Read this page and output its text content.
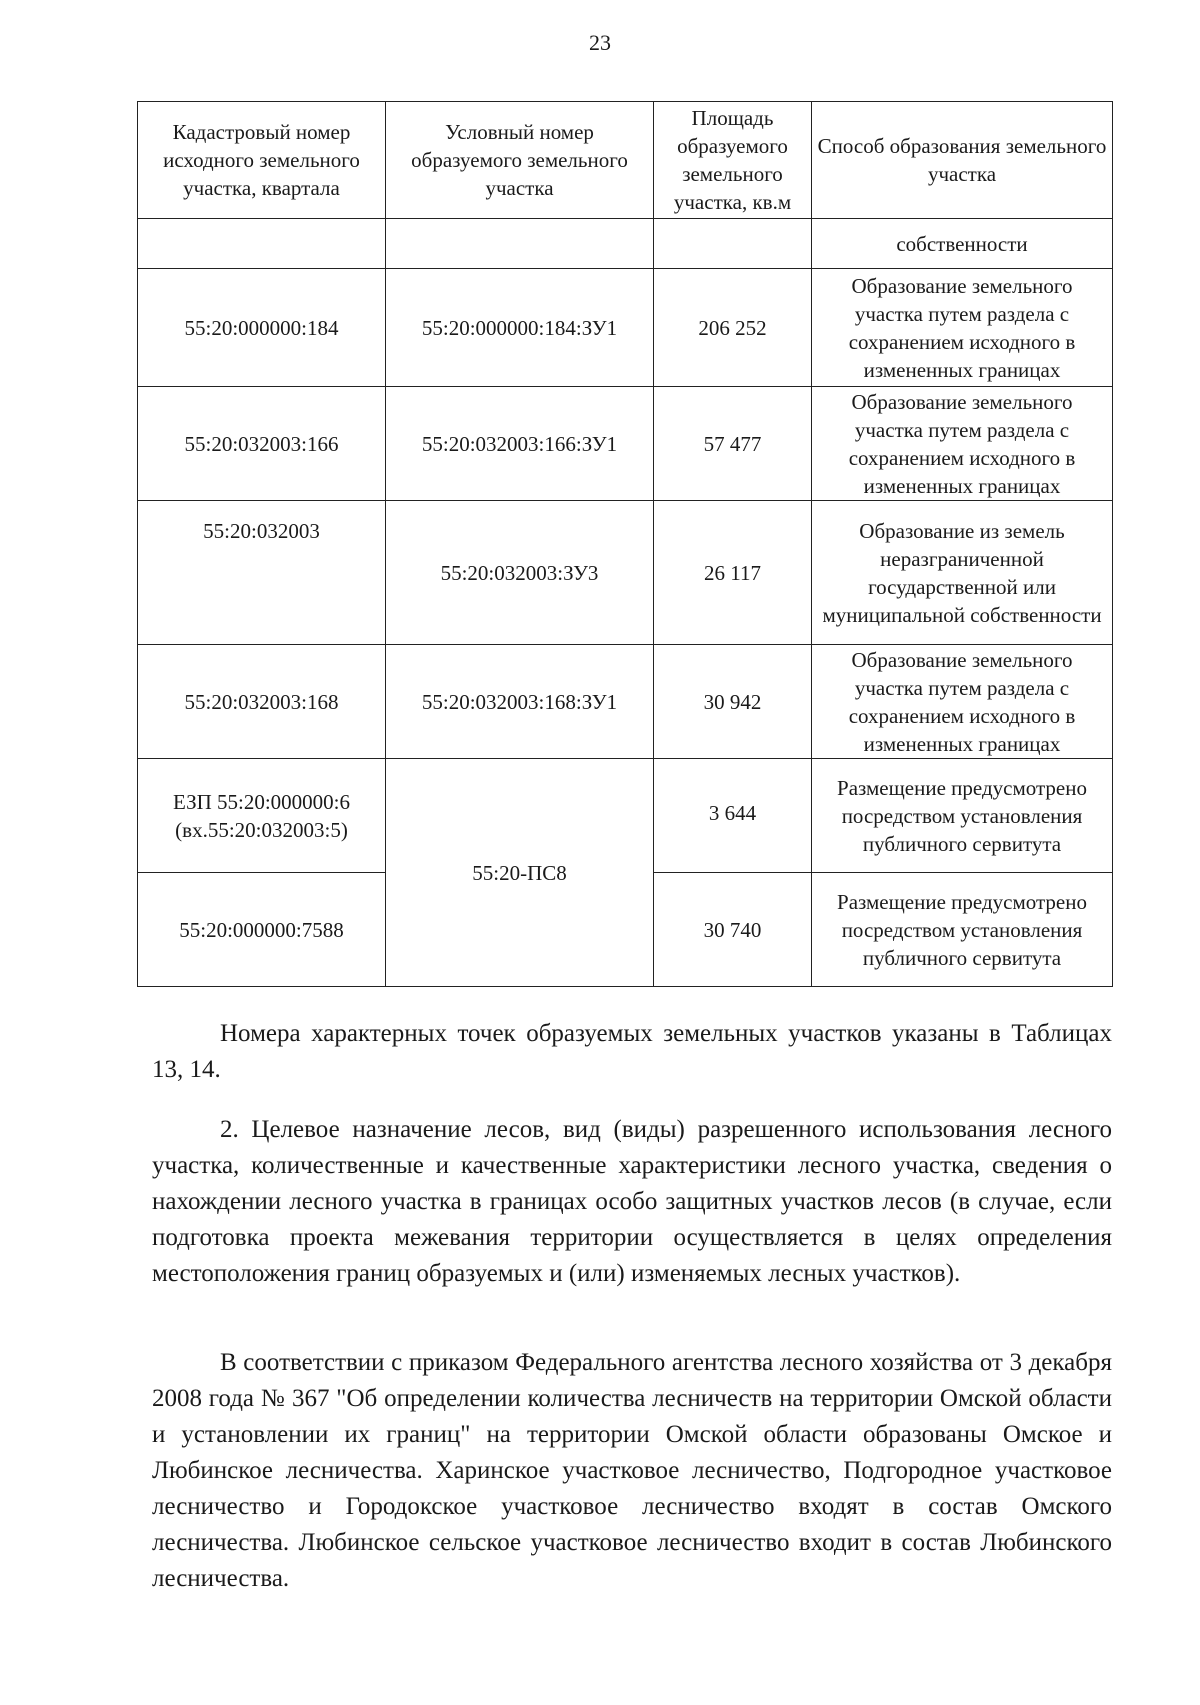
23
Кадастровый номер исходного земельного участка, квартала	Условный номер образуемого земельного участка	Площадь образуемого земельного участка, кв.м	Способ образования земельного участка
			собственности
55:20:000000:184	55:20:000000:184:ЗУ1	206 252	Образование земельного участка путем раздела с сохранением исходного в измененных границах
55:20:032003:166	55:20:032003:166:ЗУ1	57 477	Образование земельного участка путем раздела с сохранением исходного в измененных границах
55:20:032003	55:20:032003:ЗУ3	26 117	Образование из земель неразграниченной государственной или муниципальной собственности
55:20:032003:168	55:20:032003:168:ЗУ1	30 942	Образование земельного участка путем раздела с сохранением исходного в измененных границах

ЕЗП 55:20:000000:6
(вх.55:20:032003:5)	55:20-ПС8	3 644	Размещение предусмотрено посредством установления публичного сервитута
55:20:000000:7588		30 740	Размещение предусмотрено посредством установления публичного сервитута

Номера характерных точек образуемых земельных участков указаны в Таблицах 13, 14.

2. Целевое назначение лесов, вид (виды) разрешенного использования лесного участка, количественные и качественные характеристики лесного участка, сведения о нахождении лесного участка в границах особо защитных участков лесов (в случае, если подготовка проекта межевания территории осуществляется в целях определения местоположения границ образуемых и (или) изменяемых лесных участков).

В соответствии с приказом Федерального агентства лесного хозяйства от 3 декабря 2008 года № 367 "Об определении количества лесничеств на территории Омской области и установлении их границ" на территории Омской области образованы Омское и Любинское лесничества. Харинское участковое лесничество, Подгородное участковое лесничество и Городокское участковое лесничество входят в состав Омского лесничества. Любинское сельское участковое лесничество входит в состав Любинского лесничества.
